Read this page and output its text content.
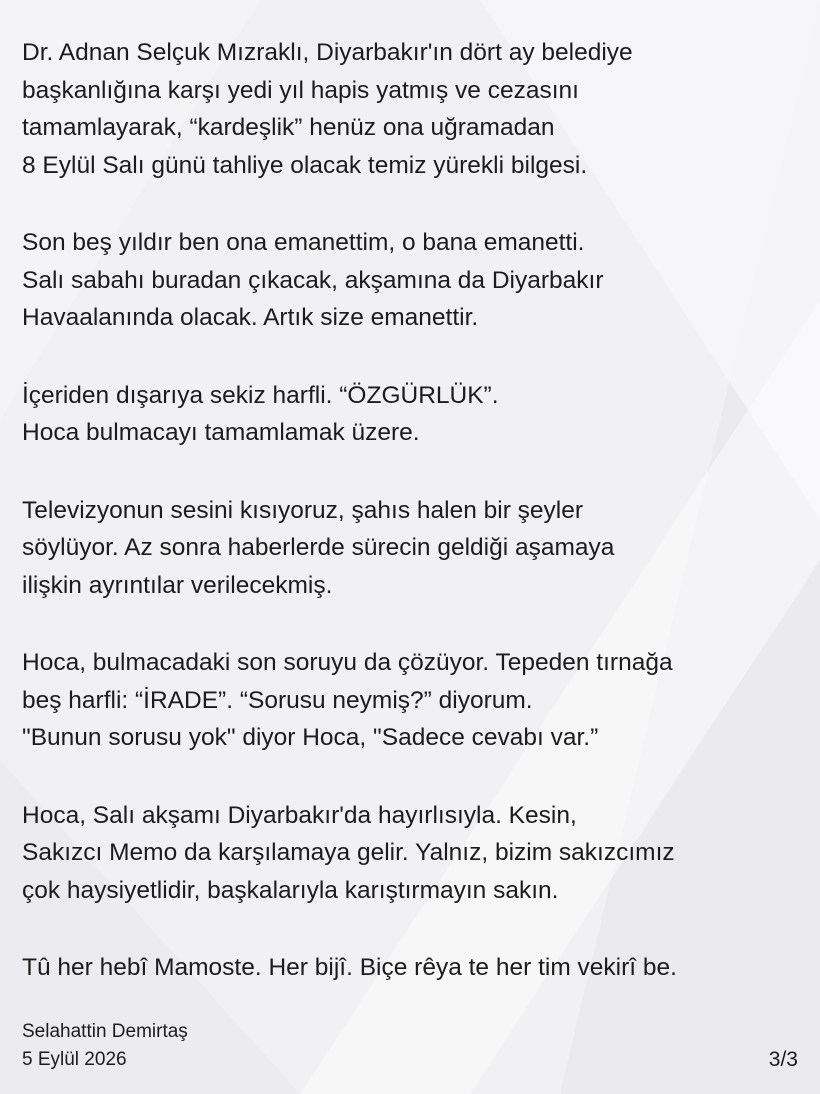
Dr. Adnan Selçuk Mızraklı, Diyarbakır'ın dört ay belediye
başkanlığına karşı yedi yıl hapis yatmış ve cezasını
tamamlayarak, “kardeşlik” henüz ona uğramadan
8 Eylül Salı günü tahliye olacak temiz yürekli bilgesi.
Son beş yıldır ben ona emanettim, o bana emanetti.
Salı sabahı buradan çıkacak, akşamına da Diyarbakır
Havaalanında olacak. Artık size emanettir.
İçeriden dışarıya sekiz harfli. “ÖZGÜRLÜK”.
Hoca bulmacayı tamamlamak üzere.
Televizyonun sesini kısıyoruz, şahıs halen bir şeyler
söylüyor. Az sonra haberlerde sürecin geldiği aşamaya
ilişkin ayrıntılar verilecekmiş.
Hoca, bulmacadaki son soruyu da çözüyor. Tepeden tırnağa
beş harfli: “İRADE”. “Sorusu neymiş?” diyorum.
"Bunun sorusu yok" diyor Hoca, "Sadece cevabı var.”
Hoca, Salı akşamı Diyarbakır'da hayırlısıyla. Kesin,
Sakızcı Memo da karşılamaya gelir. Yalnız, bizim sakızcımız
çok haysiyetlidir, başkalarıyla karıştırmayın sakın.
Tû her hebî Mamoste. Her bijî. Biçe rêya te her tim vekirî be.
Selahattin Demirtaş
5 Eylül 2026	3/3
